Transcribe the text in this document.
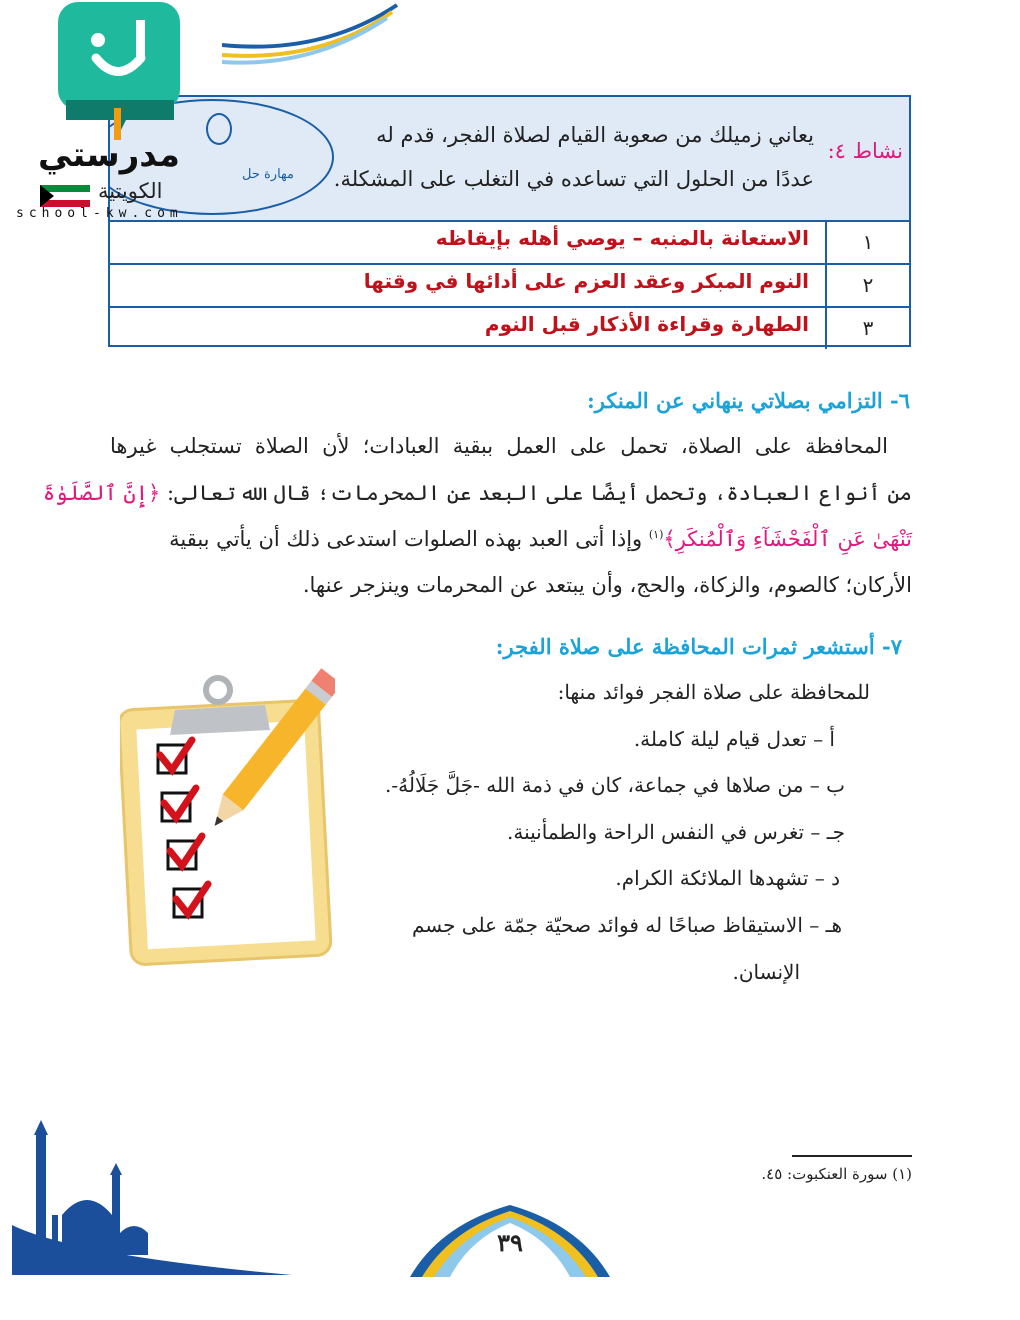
نشاط ٤:
يعاني زميلك من صعوبة القيام لصلاة الفجر، قدم له
عددًا من الحلول التي تساعده في التغلب على المشكلة.
مهارة حل
١
الاستعانة بالمنبه – يوصي أهله بإيقاظه
٢
النوم المبكر وعقد العزم على أدائها في وقتها
٣
الطهارة وقراءة الأذكار قبل النوم
مدرستي
الكويتية
school-kw.com
٦- التزامي بصلاتي ينهاني عن المنكر:
المحافظة على الصلاة، تحمل على العمل ببقية العبادات؛ لأن الصلاة تستجلب غيرها
من أنواع العبادة، وتحمل أيضًا على البعد عن المحرمات؛ قال الله تعالى: ﴿إِنَّ ٱلصَّلَوٰةَ
تَنْهَىٰ عَنِ ٱلْفَحْشَآءِ وَٱلْمُنكَرِ﴾$^{(١)}$ وإذا أتى العبد بهذه الصلوات استدعى ذلك أن يأتي ببقية
الأركان؛ كالصوم، والزكاة، والحج، وأن يبتعد عن المحرمات وينزجر عنها.
٧- أستشعر ثمرات المحافظة على صلاة الفجر:
للمحافظة على صلاة الفجر فوائد منها:
أ – تعدل قيام ليلة كاملة.
ب – من صلاها في جماعة، كان في ذمة الله -جَلَّ جَلَالُهُ-.
جـ – تغرس في النفس الراحة والطمأنينة.
د – تشهدها الملائكة الكرام.
هـ – الاستيقاظ صباحًا له فوائد صحيّة جمّة على جسم
الإنسان.
(١) سورة العنكبوت: ٤٥.
٣٩
